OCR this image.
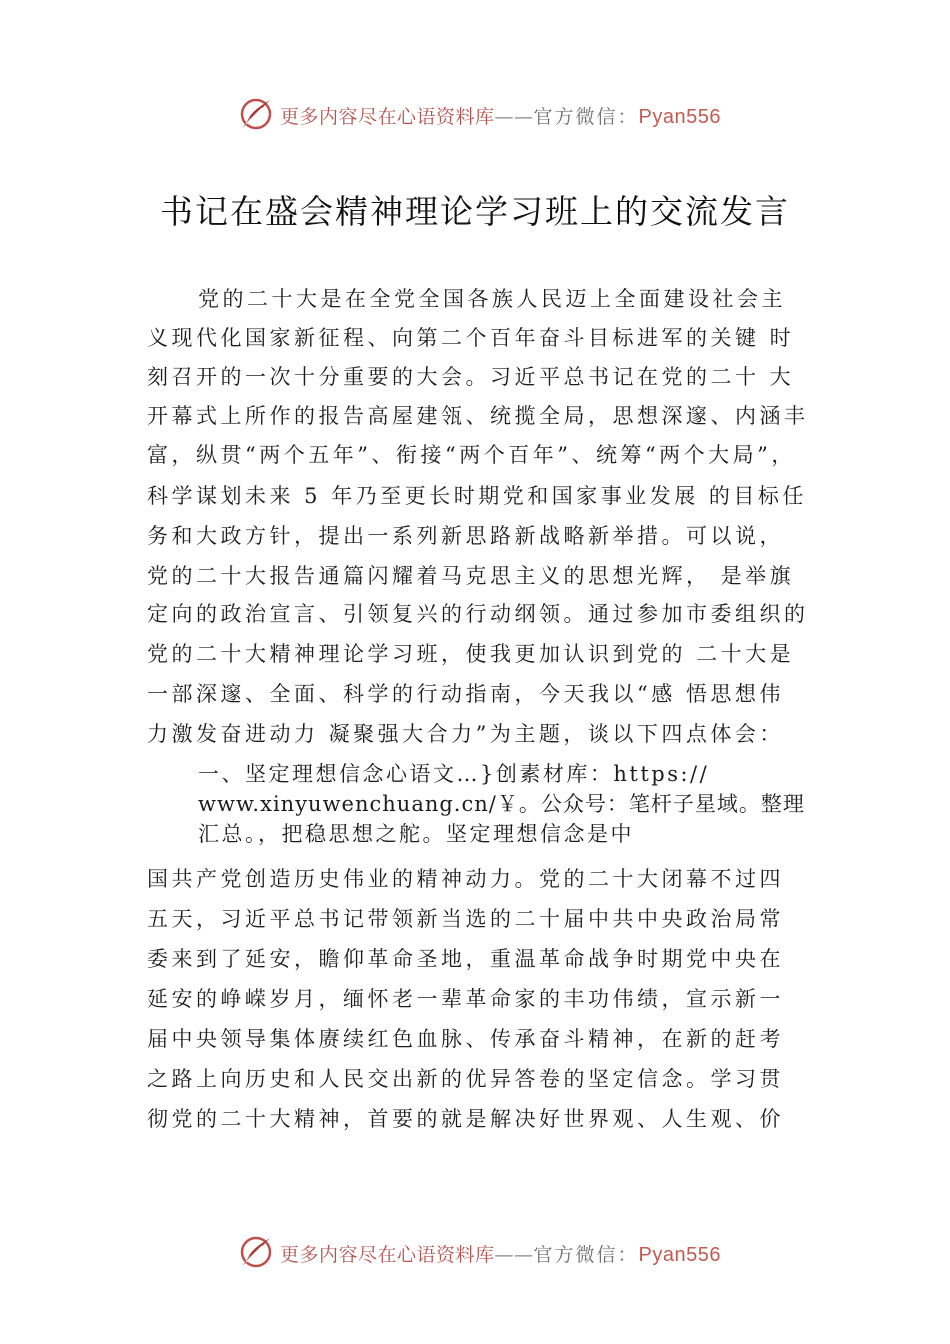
更多内容尽在心语资料库——官方微信：Pyan556
书记在盛会精神理论学习班上的交流发言
党的二十大是在全党全国各族人民迈上全面建设社会主
义现代化国家新征程、向第二个百年奋斗目标进军的关键 时
刻召开的一次十分重要的大会。习近平总书记在党的二十 大
开幕式上所作的报告高屋建瓴、统揽全局，思想深邃、内涵丰
富，纵贯“两个五年”、衔接“两个百年”、统筹“两个大局”，
科学谋划未来 5 年乃至更长时期党和国家事业发展 的目标任
务和大政方针，提出一系列新思路新战略新举措。可以说，
党的二十大报告通篇闪耀着马克思主义的思想光辉， 是举旗
定向的政治宣言、引领复兴的行动纲领。通过参加市委组织的
党的二十大精神理论学习班，使我更加认识到党的 二十大是
一部深邃、全面、科学的行动指南，今天我以“感 悟思想伟
力激发奋进动力 凝聚强大合力”为主题，谈以下四点体会：
一、坚定理想信念心语文…}创素材库：https://
www.xinyuwenchuang.cn/￥。公众号：笔杆子星域。整理
汇总。，把稳思想之舵。坚定理想信念是中
国共产党创造历史伟业的精神动力。党的二十大闭幕不过四
五天，习近平总书记带领新当选的二十届中共中央政治局常
委来到了延安，瞻仰革命圣地，重温革命战争时期党中央在
延安的峥嵘岁月，缅怀老一辈革命家的丰功伟绩，宣示新一
届中央领导集体赓续红色血脉、传承奋斗精神，在新的赶考
之路上向历史和人民交出新的优异答卷的坚定信念。学习贯
彻党的二十大精神，首要的就是解决好世界观、人生观、价
更多内容尽在心语资料库——官方微信：Pyan556
